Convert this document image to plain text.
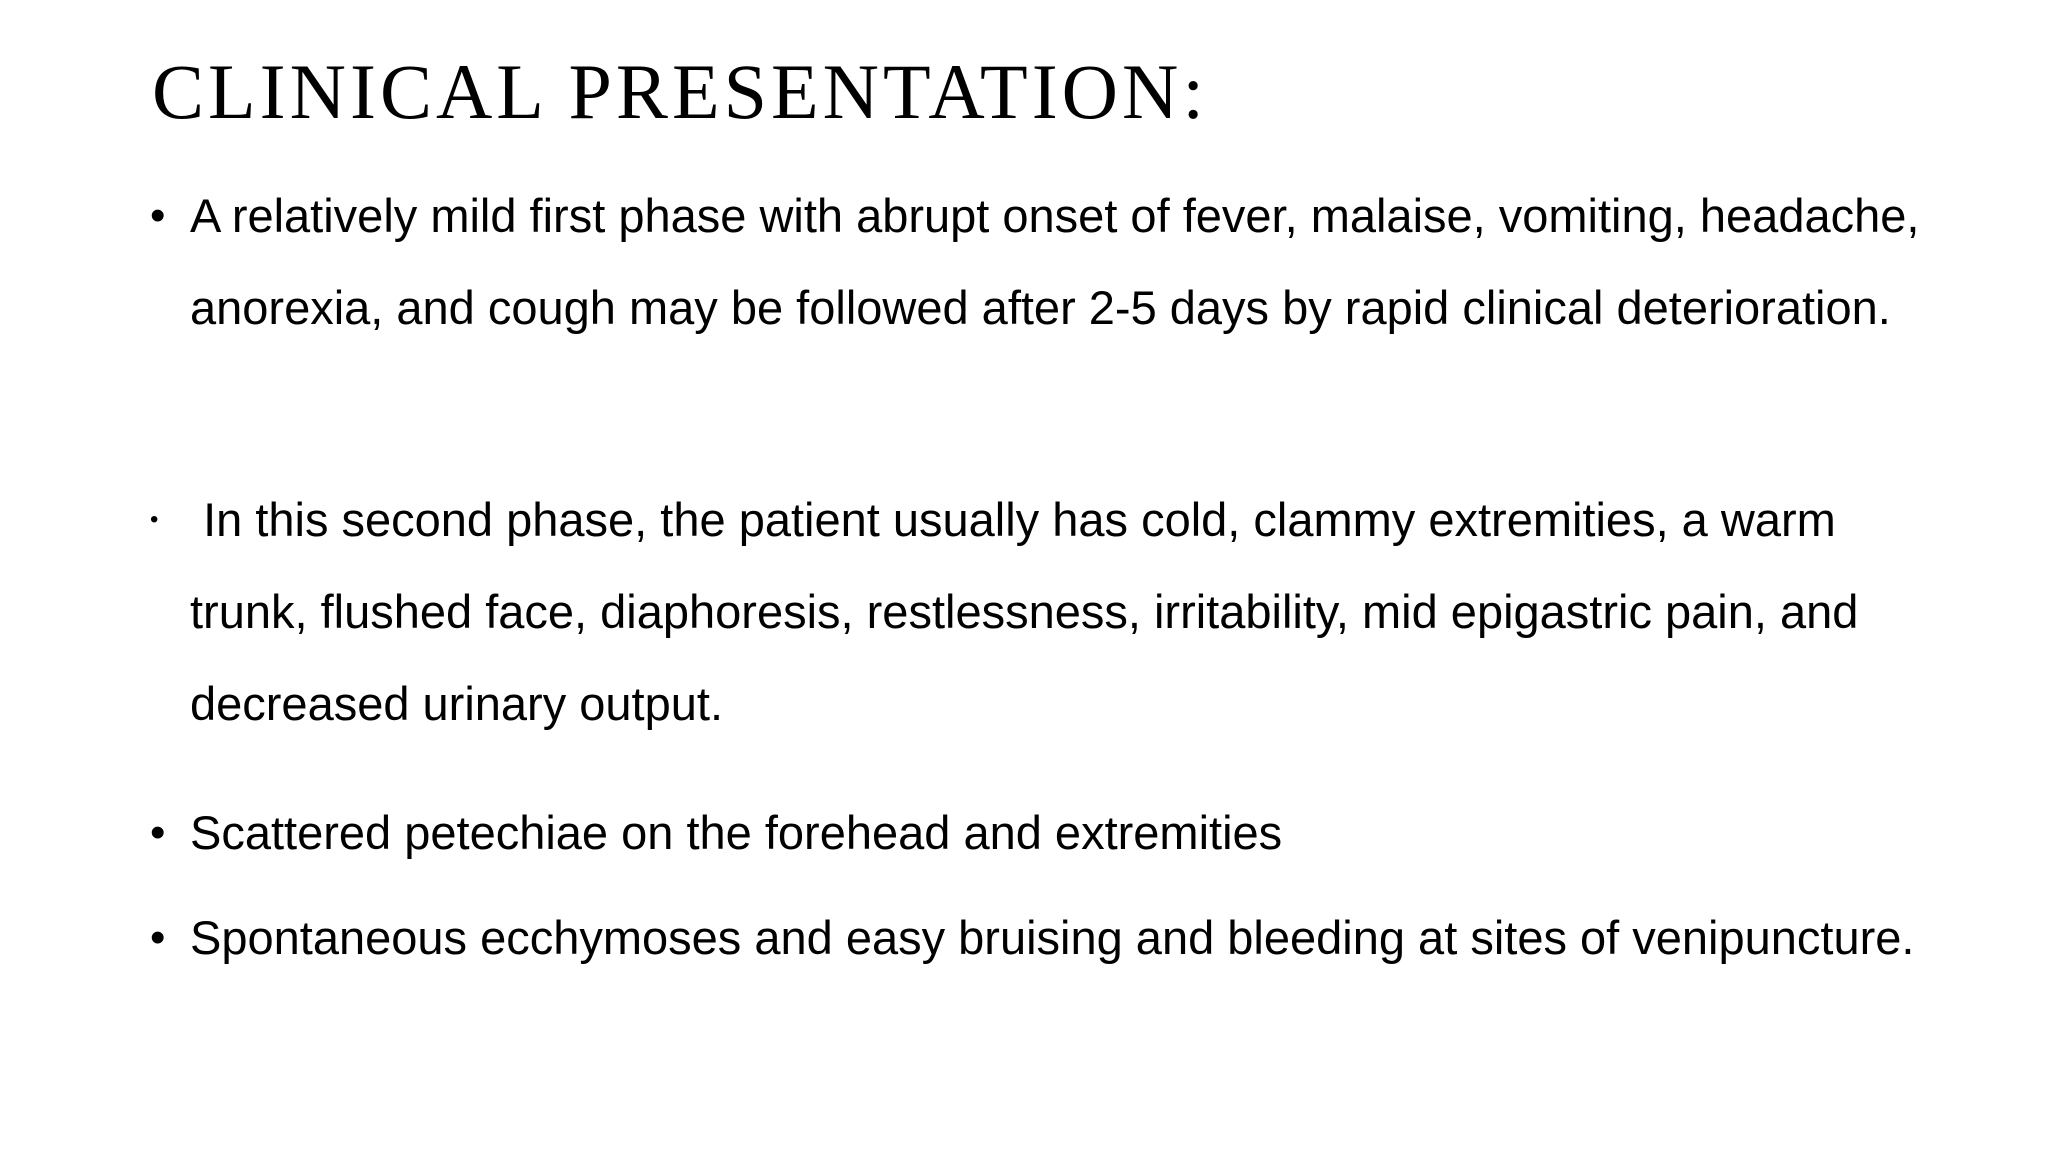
CLINICAL PRESENTATION:
• A relatively mild first phase with abrupt onset of fever, malaise, vomiting, headache, anorexia, and cough may be followed after 2-5 days by rapid clinical deterioration.
• In this second phase, the patient usually has cold, clammy extremities, a warm trunk, flushed face, diaphoresis, restlessness, irritability, mid epigastric pain, and decreased urinary output.
• Scattered petechiae on the forehead and extremities
• Spontaneous ecchymoses and easy bruising and bleeding at sites of venipuncture.
